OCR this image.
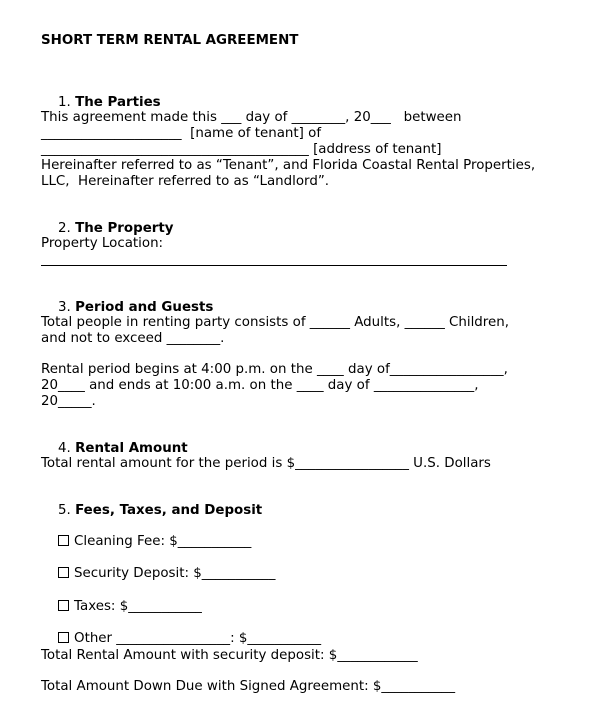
SHORT TERM RENTAL AGREEMENT

1. The Parties

This agreement made this ___ day of ________, 20___   between
_____________________  [name of tenant] of
________________________________________ [address of tenant]
Hereinafter referred to as “Tenant”, and Florida Coastal Rental Properties,
LLC,  Hereinafter referred to as “Landlord”.

2. The Property

Property Location:

3. Period and Guests

Total people in renting party consists of ______ Adults, ______ Children,
and not to exceed ________.
Rental period begins at 4:00 p.m. on the ____ day of_________________,
20____ and ends at 10:00 a.m. on the ____ day of _______________,
20_____.

4. Rental Amount

Total rental amount for the period is $_________________ U.S. Dollars

5. Fees, Taxes, and Deposit

Cleaning Fee: $___________

Security Deposit: $___________

Taxes: $___________

Other _________________: $___________

Total Rental Amount with security deposit: $____________
Total Amount Down Due with Signed Agreement: $___________
